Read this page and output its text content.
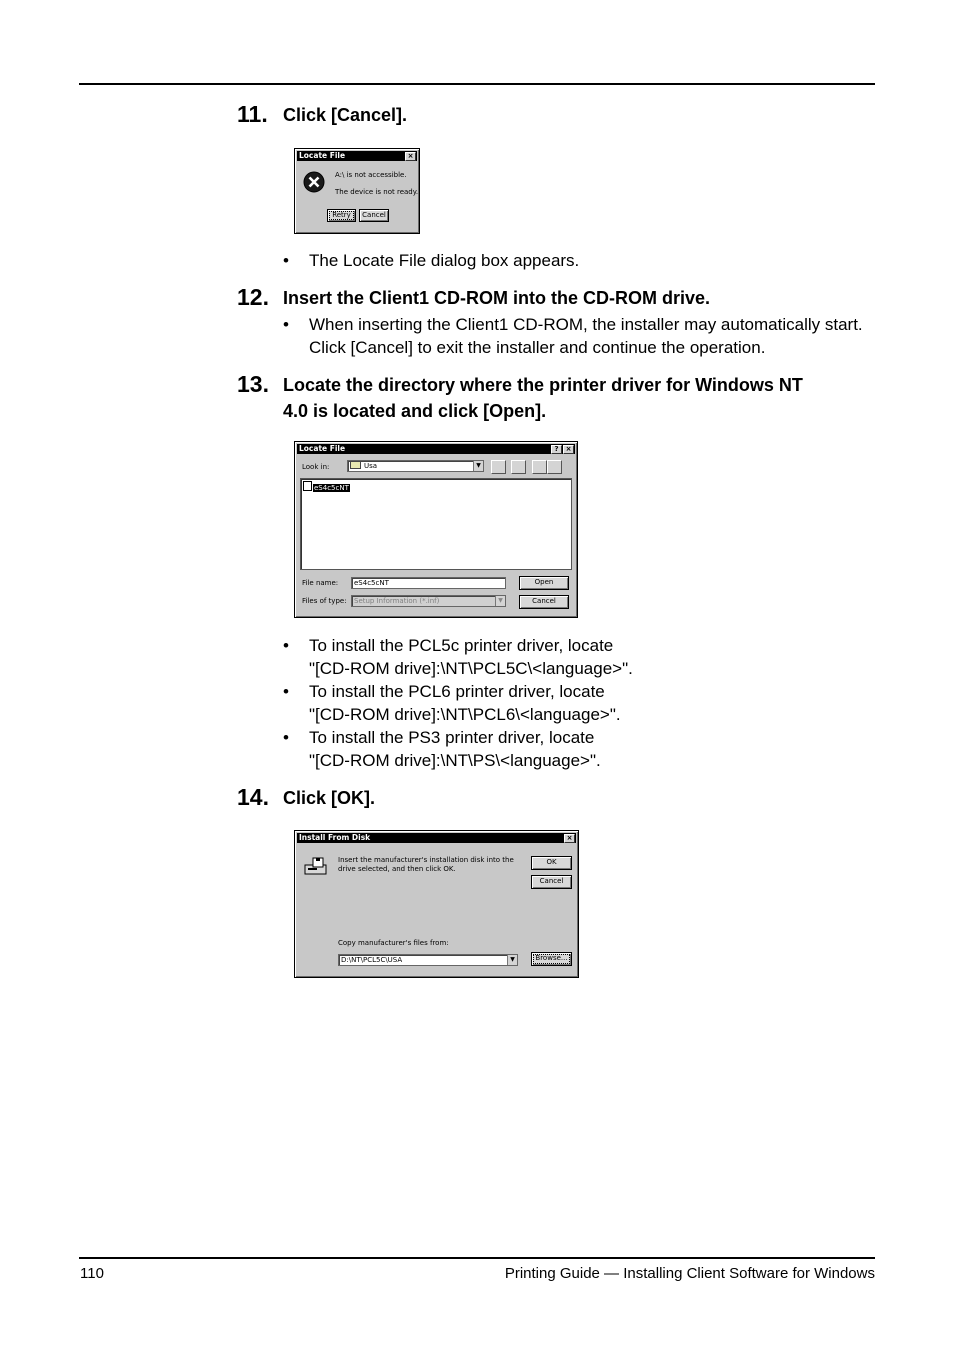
11. Click [Cancel].
Locate File	×
A:\ is not accessible.
The device is not ready.
Retry	Cancel
• The Locate File dialog box appears.
12. Insert the Client1 CD-ROM into the CD-ROM drive.
• When inserting the Client1 CD-ROM, the installer may automatically start. Click [Cancel] to exit the installer and continue the operation.
13. Locate the directory where the printer driver for Windows NT
4.0 is located and click [Open].
Locate File	?	×
Look in:	Usa	▼
eS4c5cNT
File name:	eS4c5cNT
Files of type:	Setup Information (*.inf)	▼
Open
Cancel
• To install the PCL5c printer driver, locate
"[CD-ROM drive]:\NT\PCL5C\<language>".
• To install the PCL6 printer driver, locate
"[CD-ROM drive]:\NT\PCL6\<language>".
• To install the PS3 printer driver, locate
"[CD-ROM drive]:\NT\PS\<language>".
14. Click [OK].
Install From Disk	×
Insert the manufacturer's installation disk into the drive selected, and then click OK.
OK
Cancel
Copy manufacturer's files from:
D:\NT\PCL5C\USA	▼	Browse...
110	Printing Guide — Installing Client Software for Windows
